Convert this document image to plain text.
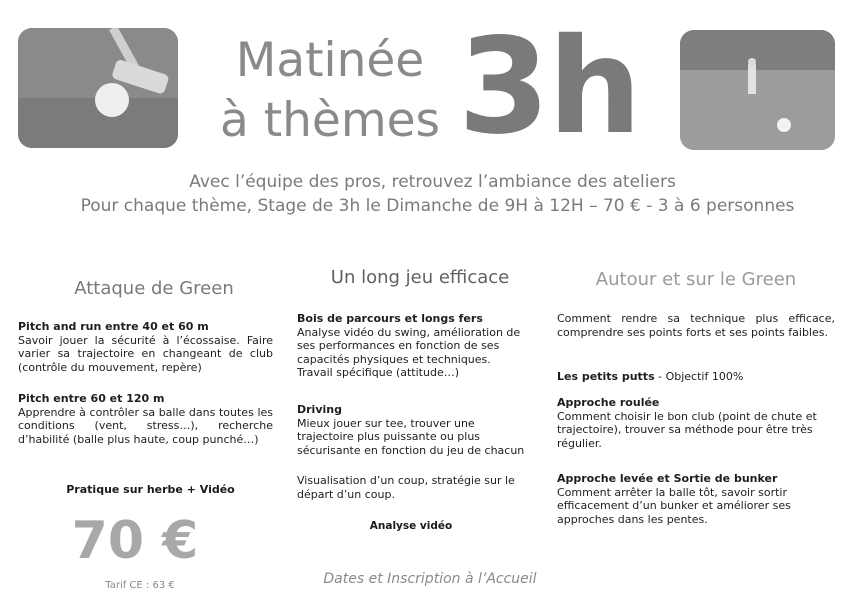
Matinée
à thèmes 3h
Avec l’équipe des pros, retrouvez l’ambiance des ateliers
Pour chaque thème, Stage de 3h le Dimanche de 9H à 12H – 70 € - 3 à 6 personnes
Attaque de Green
Pitch and run entre 40 et 60 m
Savoir jouer la sécurité à l’écossaise. Faire varier sa trajectoire en changeant de club (contrôle du mouvement, repère)
Pitch entre 60 et 120 m
Apprendre à contrôler sa balle dans toutes les conditions (vent, stress…), recherche d’habilité (balle plus haute, coup punché…)
Pratique sur herbe + Vidéo
70 €
Tarif CE : 63 €
Un long jeu efficace
Bois de parcours et longs fers
Analyse vidéo du swing, amélioration de ses performances en fonction de ses capacités physiques et techniques. Travail spécifique (attitude…)
Driving
Mieux jouer sur tee, trouver une trajectoire plus puissante ou plus sécurisante en fonction du jeu de chacun
Visualisation d’un coup, stratégie sur le départ d’un coup.
Analyse vidéo
Autour et sur le Green
Comment rendre sa technique plus efficace, comprendre ses points forts et ses points faibles.
Les petits putts - Objectif 100%
Approche roulée
Comment choisir le bon club (point de chute et trajectoire), trouver sa méthode pour être très régulier.
Approche levée et Sortie de bunker
Comment arrêter la balle tôt, savoir sortir efficacement d’un bunker et améliorer ses approches dans les pentes.
Dates et Inscription à l’Accueil
